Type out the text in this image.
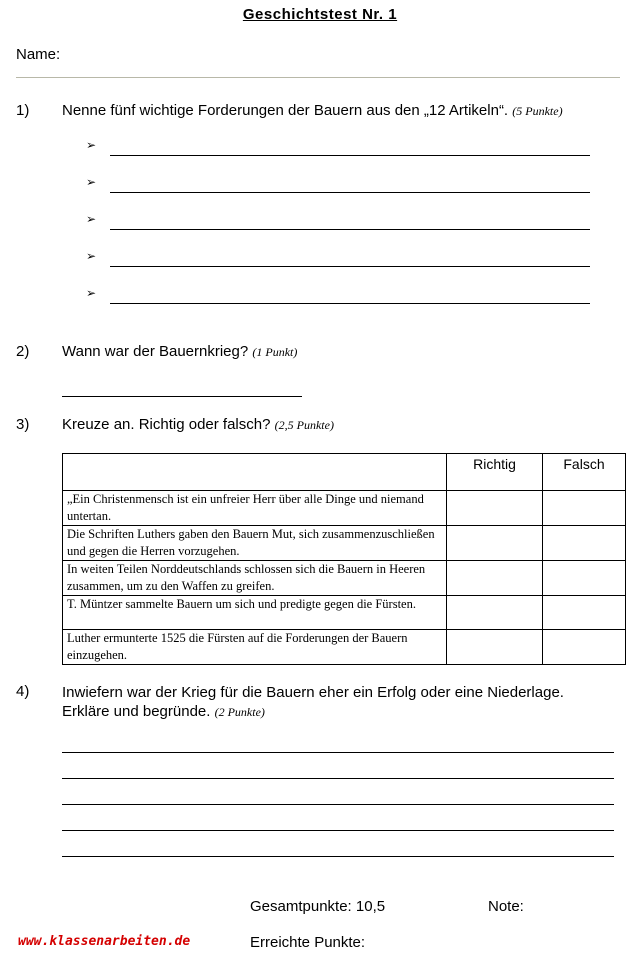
Geschichtstest Nr. 1
Name:
1) Nenne fünf wichtige Forderungen der Bauern aus den „12 Artikeln“. (5 Punkte)
➢
➢
➢
➢
➢
2) Wann war der Bauernkrieg? (1 Punkt)
3) Kreuze an. Richtig oder falsch? (2,5 Punkte)
	Richtig	Falsch
„Ein Christenmensch ist ein unfreier Herr über alle Dinge und niemand untertan.		
Die Schriften Luthers gaben den Bauern Mut, sich zusammenzuschließen und gegen die Herren vorzugehen.		
In weiten Teilen Norddeutschlands schlossen sich die Bauern in Heeren zusammen, um zu den Waffen zu greifen.		
T. Müntzer sammelte Bauern um sich und predigte gegen die Fürsten.		
Luther ermunterte 1525 die Fürsten auf die Forderungen der Bauern einzugehen.		
4) Inwiefern war der Krieg für die Bauern eher ein Erfolg oder eine Niederlage.
Erkläre und begründe. (2 Punkte)
Gesamtpunkte: 10,5	Note:
Erreichte Punkte:
www.klassenarbeiten.de
